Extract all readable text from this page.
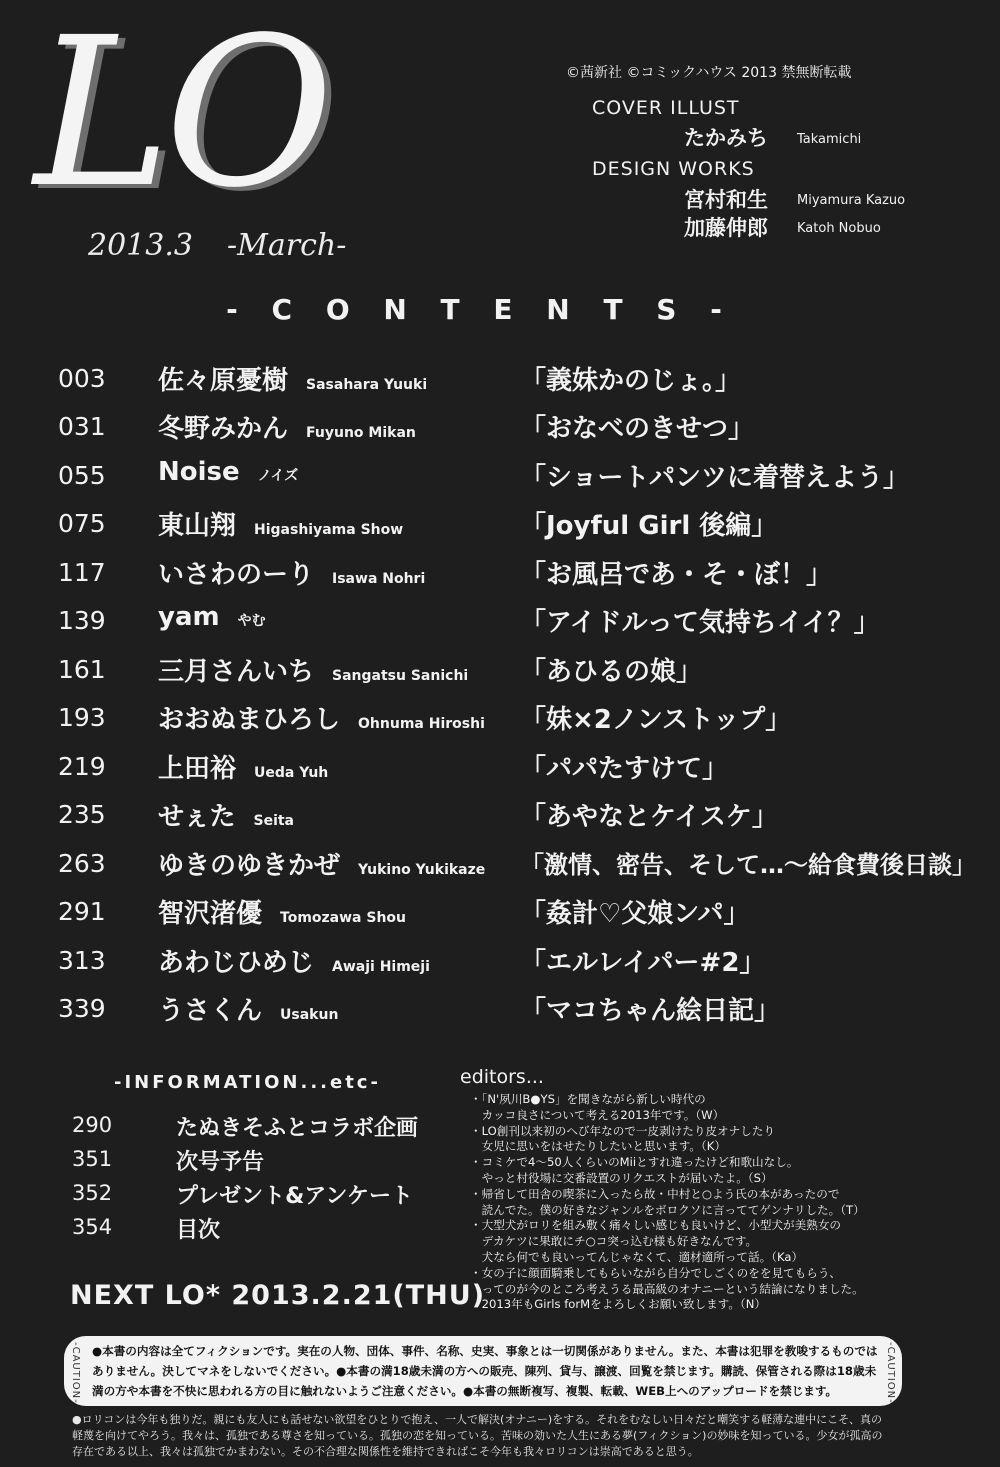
LO
2013.3 -March-
©茜新社 ©コミックハウス 2013 禁無断転載
COVER ILLUST
たかみち Takamichi
DESIGN WORKS
宮村和生 Miyamura Kazuo
加藤伸郎 Katoh Nobuo
- C O N T E N T S -
003 佐々原憂樹 Sasahara Yuuki	「義妹かのじょ。」
031 冬野みかん Fuyuno Mikan	「おなべのきせつ」
055 Noise ノイズ	「ショートパンツに着替えよう」
075 東山翔 Higashiyama Show	「Joyful Girl 後編」
117 いさわのーり Isawa Nohri	「お風呂であ・そ・ぼ！」
139 yam やむ	「アイドルって気持ちイイ？」
161 三月さんいち Sangatsu Sanichi 「あひるの娘」
193 おおぬまひろし Ohnuma Hiroshi 「妹×2ノンストップ」
219 上田裕 Ueda Yuh	「パパたすけて」
235 せぇた Seita	「あやなとケイスケ」
263 ゆきのゆきかぜ Yukino Yukikaze 「激情、密告、そして…～給食費後日談」
291 智沢渚優 Tomozawa Shou	「姦計♡父娘ンパ」
313 あわじひめじ Awaji Himeji	「エルレイパー#2」
339 うさくん Usakun	「マコちゃん絵日記」
-INFORMATION...etc-
290	たぬきそふとコラボ企画
351	次号予告
352	プレゼント&アンケート
354	目次
NEXT LO* 2013.2.21(THU)
editors...
・「N'夙川B●YS」を聞きながら新しい時代の
　カッコ良さについて考える2013年です。（W）
・LO創刊以来初のへび年なので一皮剥けたり皮オナしたり
　女児に思いをはせたりしたいと思います。（K）
・コミケで4〜50人くらいのMiiとすれ違ったけど和歌山なし。
　やっと村役場に交番設置のリクエストが届いたよ。（S）
・帰省して田舎の喫茶に入ったら故・中村と○よう氏の本があったので
　読んでた。僕の好きなジャンルをボロクソに言っててゲンナリした。（T）
・大型犬がロリを組み敷く痛々しい感じも良いけど、小型犬が美熟女の
　デカケツに果敢にチ○コ突っ込む様も好きなんです。
　犬なら何でも良いってんじゃなくて、適材適所って話。（Ka）
・女の子に顔面騎乗してもらいながら自分でしごくのをを見てもらう、
　ってのが今のところ考えうる最高級のオナニーという結論になりました。
　2013年もGirls forMをよろしくお願い致します。（N）
-CAUTION- ●本書の内容は全てフィクションです。実在の人物、団体、事件、名称、史実、事象とは一切関係がありません。また、本書は犯罪を教唆するものではありません。決してマネをしないでください。●本書の満18歳未満の方への販売、陳列、貸与、譲渡、回覧を禁じます。購読、保管される際は18歳未満の方や本書を不快に思われる方の目に触れないようご注意ください。●本書の無断複写、複製、転載、WEB上へのアップロードを禁じます。	-CAUTION-
●ロリコンは今年も独りだ。親にも友人にも話せない欲望をひとりで抱え、一人で解決(オナニー)をする。それをむなしい日々だと嘲笑する軽薄な連中にこそ、真の軽蔑を向けてやろう。我々は、孤独である尊さを知っている。孤独の恋を知っている。苦味の効いた人生にある夢(フィクション)の妙味を知っている。少女が孤高の存在である以上、我々は孤独でかまわない。その不合理な関係性を維持できればこそ今年も我々ロリコンは崇高であると思う。
